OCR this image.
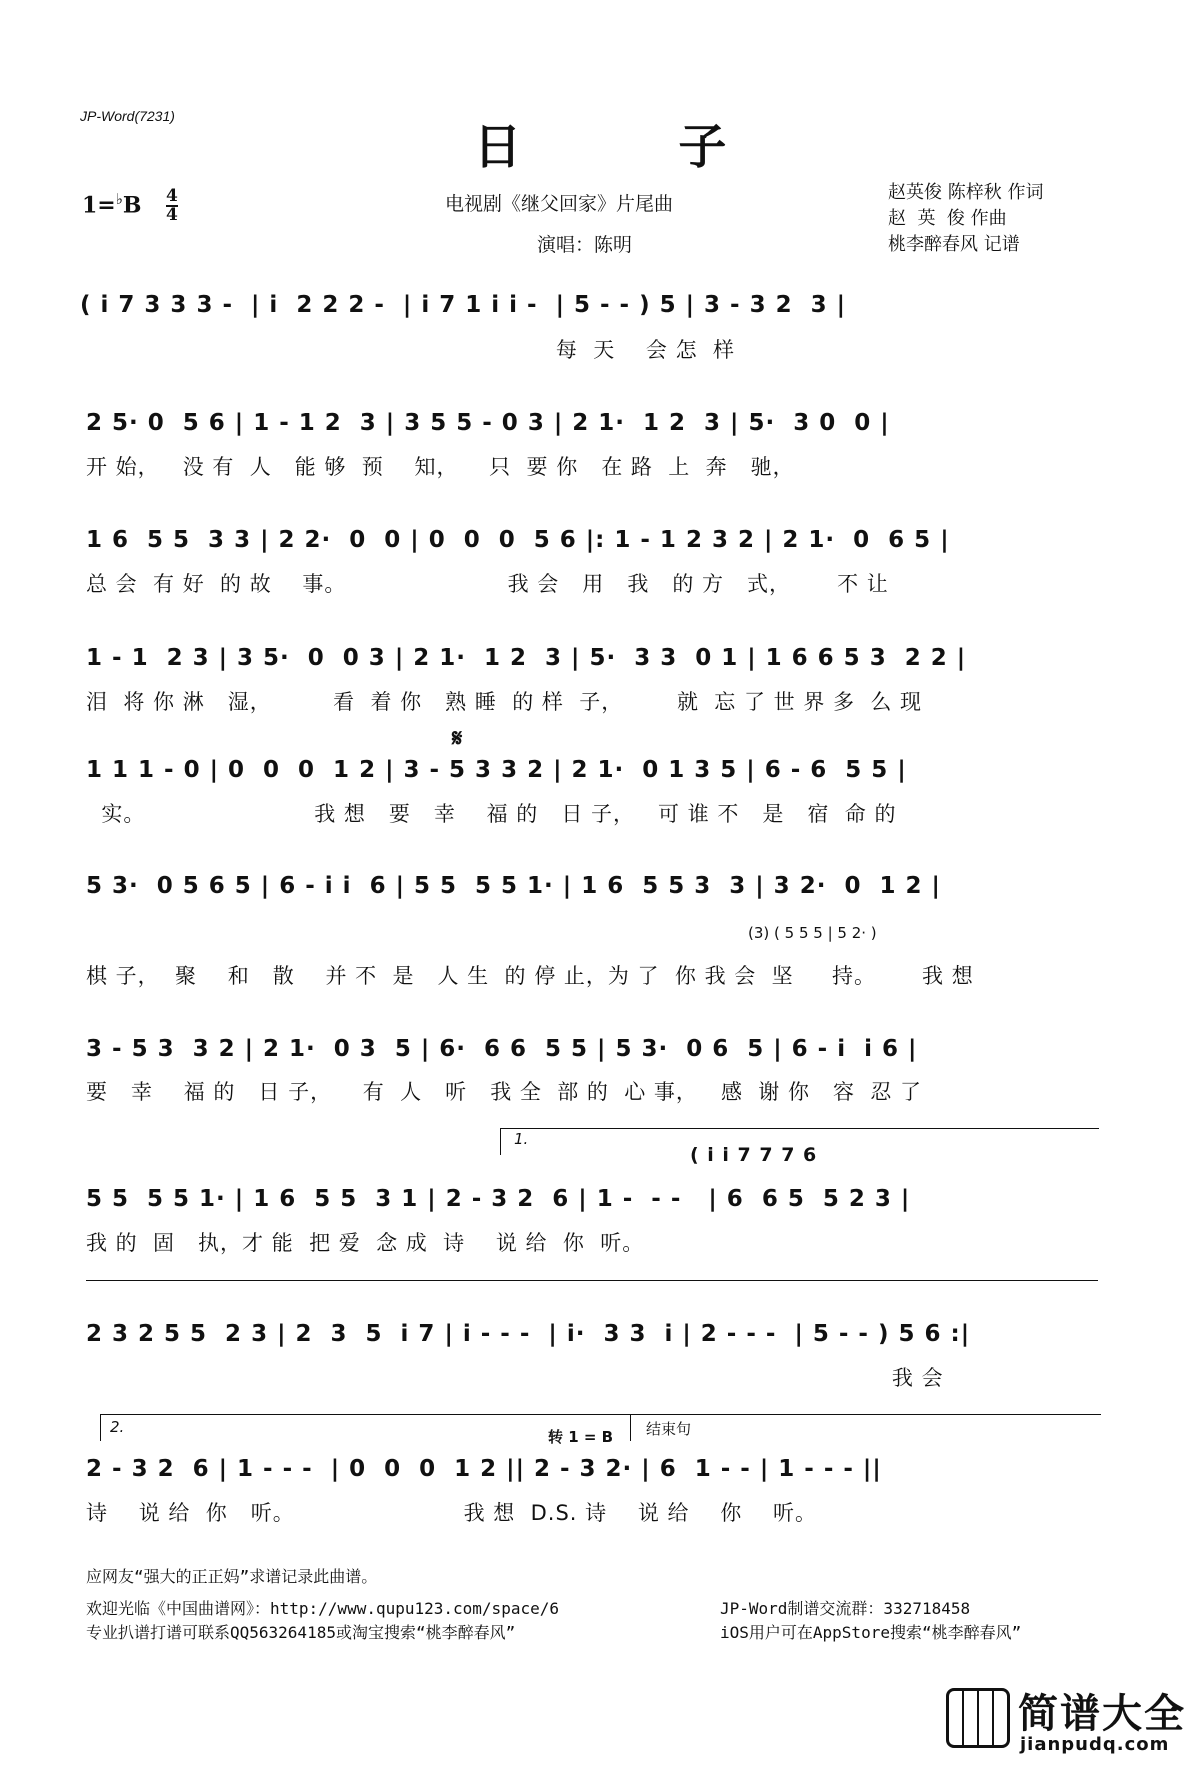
JP-Word(7231)
日 子
1=♭B 4
4	电视剧《继父回家》片尾曲
演唱：陈明
赵英俊 陈梓秋 作词
赵  英  俊 作曲
桃李醉春风 记谱
( i 7 3 3 3 -  | i  2 2 2 -  | i 7 1 i i -  | 5 - - ) 5 | 3 - 3 2  3 |
每  天    会 怎  样
2 5· 0  5 6 | 1 - 1 2  3 | 3 5 5 - 0 3 | 2 1·  1 2  3 | 5·  3 0  0 |
开 始，   没 有  人   能 够  预    知，    只  要 你   在 路  上  奔   驰，
1 6  5 5  3 3 | 2 2·  0  0 | 0  0  0  5 6 |: 1 - 1 2 3 2 | 2 1·  0  6 5 |
总 会  有 好  的 故    事。                     我 会   用   我   的 方   式，      不 让
1 - 1  2 3 | 3 5·  0  0 3 | 2 1·  1 2  3 | 5·  3 3  0 1 | 1 6 6 5 3  2 2 |
泪  将 你 淋   湿，        看  着 你   熟 睡  的 样  子，       就  忘 了 世 界 多  么 现
𝄋
1 1 1 - 0 | 0  0  0  1 2 | 3 - 5 3 3 2 | 2 1·  0 1 3 5 | 6 - 6  5 5 |
实。                      我 想   要   幸    福 的   日 子，   可 谁 不   是   宿  命 的
5 3·  0 5 6 5 | 6 - i i  6 | 5 5  5 5 1· | 1 6  5 5 3  3 | 3 2·  0  1 2 |
(3) ( 5 5 5 | 5 2· )
棋 子，  聚    和   散    并 不  是   人 生  的 停 止，为 了  你 我 会  坚     持。      我 想
3 - 5 3  3 2 | 2 1·  0 3  5 | 6·  6 6  5 5 | 5 3·  0 6  5 | 6 - i  i 6 |
要   幸    福 的   日 子，    有  人   听   我 全  部 的  心 事，   感  谢 你   容  忍 了
1.
( i i 7 7 7 6
5 5  5 5 1· | 1 6  5 5  3 1 | 2 - 3 2  6 | 1 -  - -   | 6  6 5  5 2 3 |
我 的  固   执，才 能  把 爱  念 成  诗    说 给  你  听。
2 3 2 5 5  2 3 | 2  3  5  i 7 | i - - -  | i·  3 3  i | 2 - - -  | 5 - - ) 5 6 :|
我 会
2.	结束句
转 1 = B
2 - 3 2  6 | 1 - - -  | 0  0  0  1 2 || 2 - 3 2· | 6  1 - - | 1 - - - ||
诗    说 给  你   听。                      我 想  D.S. 诗    说 给    你    听。
应网友“强大的正正妈”求谱记录此曲谱。
欢迎光临《中国曲谱网》：http://www.qupu123.com/space/6
专业扒谱打谱可联系QQ563264185或淘宝搜索“桃李醉春风”
JP-Word制谱交流群：332718458
iOS用户可在AppStore搜索“桃李醉春风”
简谱大全
jianpudq.com
